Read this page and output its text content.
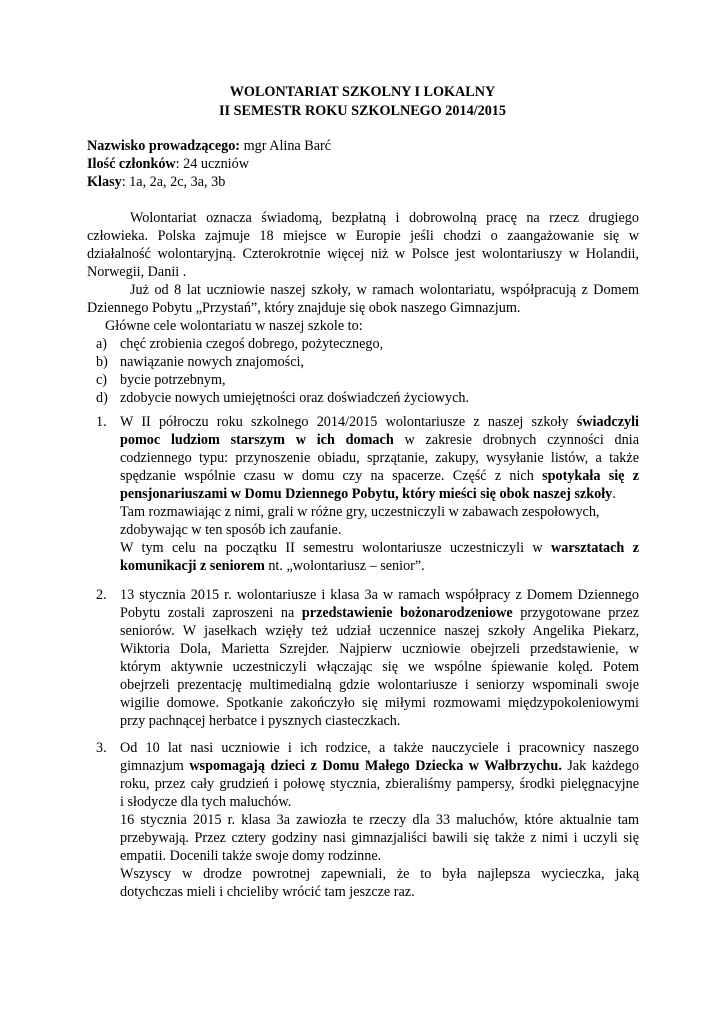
WOLONTARIAT SZKOLNY I LOKALNY
II SEMESTR ROKU SZKOLNEGO 2014/2015
Nazwisko prowadzącego: mgr Alina Barć
Ilość członków: 24 uczniów
Klasy: 1a, 2a, 2c, 3a, 3b
Wolontariat oznacza świadomą, bezpłatną i dobrowolną pracę na rzecz drugiego
człowieka. Polska zajmuje 18 miejsce w Europie jeśli chodzi o zaangażowanie się w
działalność wolontaryjną. Czterokrotnie więcej niż w Polsce jest wolontariuszy w Holandii,
Norwegii, Danii .
Już od 8 lat uczniowie naszej szkoły, w ramach wolontariatu, współpracują z Domem
Dziennego Pobytu „Przystań”, który znajduje się obok naszego Gimnazjum.
Główne cele wolontariatu w naszej szkole to:
a) chęć zrobienia czegoś dobrego, pożytecznego,
b) nawiązanie nowych znajomości,
c) bycie potrzebnym,
d) zdobycie nowych umiejętności oraz doświadczeń życiowych.
1. W II półroczu roku szkolnego 2014/2015 wolontariusze z naszej szkoły świadczyli
pomoc ludziom starszym w ich domach w zakresie drobnych czynności dnia
codziennego typu: przynoszenie obiadu, sprzątanie, zakupy, wysyłanie listów, a także
spędzanie wspólnie czasu w domu czy na spacerze. Część z nich spotykała się z
pensjonariuszami w Domu Dziennego Pobytu, który mieści się obok naszej szkoły.
Tam rozmawiając z nimi, grali w różne gry, uczestniczyli w zabawach zespołowych,
zdobywając w ten sposób ich zaufanie.
W tym celu na początku II semestru wolontariusze uczestniczyli w warsztatach z
komunikacji z seniorem nt. „wolontariusz – senior”.
2. 13 stycznia 2015 r. wolontariusze i klasa 3a w ramach współpracy z Domem Dziennego
Pobytu zostali zaproszeni na przedstawienie bożonarodzeniowe przygotowane przez
seniorów. W jasełkach wzięły też udział uczennice naszej szkoły Angelika Piekarz,
Wiktoria Dola, Marietta Szrejder. Najpierw uczniowie obejrzeli przedstawienie, w
którym aktywnie uczestniczyli włączając się we wspólne śpiewanie kolęd. Potem
obejrzeli prezentację multimedialną gdzie wolontariusze i seniorzy wspominali swoje
wigilie domowe. Spotkanie zakończyło się miłymi rozmowami międzypokoleniowymi
przy pachnącej herbatce i pysznych ciasteczkach.
3. Od 10 lat nasi uczniowie i ich rodzice, a także nauczyciele i pracownicy naszego
gimnazjum wspomagają dzieci z Domu Małego Dziecka w Wałbrzychu. Jak każdego
roku, przez cały grudzień i połowę stycznia, zbieraliśmy pampersy, środki pielęgnacyjne
i słodycze dla tych maluchów.
16 stycznia 2015 r. klasa 3a zawiozła te rzeczy dla 33 maluchów, które aktualnie tam
przebywają. Przez cztery godziny nasi gimnazjaliści bawili się także z nimi i uczyli się
empatii. Docenili także swoje domy rodzinne.
Wszyscy w drodze powrotnej zapewniali, że to była najlepsza wycieczka, jaką
dotychczas mieli i chcieliby wrócić tam jeszcze raz.
